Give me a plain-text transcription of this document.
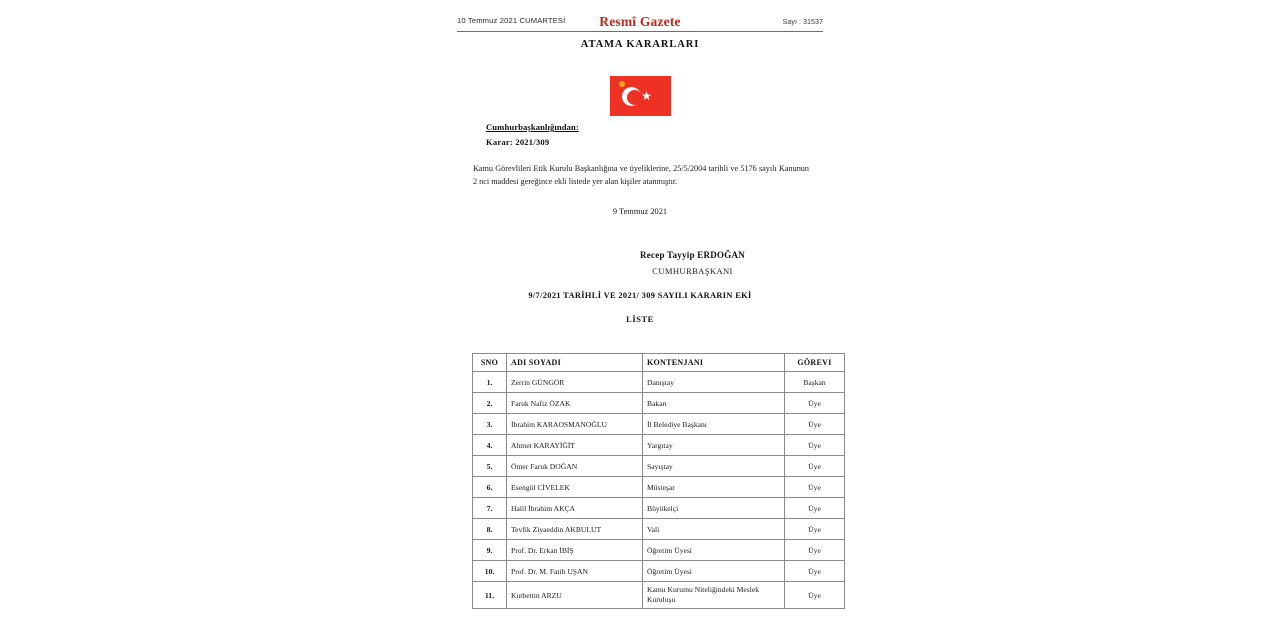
10 Temmuz 2021 CUMARTESİ	Resmî Gazete	Sayı : 31537
ATAMA KARARLARI
★
Cumhurbaşkanlığından:
Karar: 2021/309
Kamu Görevlileri Etik Kurulu Başkanlığına ve üyeliklerine, 25/5/2004 tarihli ve 5176 sayılı Kanunun 2 nci maddesi gereğince ekli listede yer alan kişiler atanmıştır.
9 Temmuz 2021
Recep Tayyip ERDOĞAN
CUMHURBAŞKANI
9/7/2021 TARİHLİ VE 2021/ 309 SAYILI KARARIN EKİ
LİSTE
SNO	ADI SOYADI	KONTENJANI	GÖREVI
1.	Zerrin GÜNGÖR	Danıştay	Başkan
2.	Faruk Nafiz ÖZAK	Bakan	Üye
3.	İbrahim KARAOSMANOĞLU	İl Belediye Başkanı	Üye
4.	Ahmet KARAYİĞİT	Yargıtay	Üye
5.	Ömer Faruk DOĞAN	Sayıştay	Üye
6.	Esengül CİVELEK	Müsteşar	Üye
7.	Halil İbrahim AKÇA	Büyükelçi	Üye
8.	Tevfik Ziyaeddin AKBULUT	Vali	Üye
9.	Prof. Dr. Erkan İBİŞ	Öğretim Üyesi	Üye
10.	Prof. Dr. M. Fatih UŞAN	Öğretim Üyesi	Üye
11.	Kutbettin ARZU	Kamu Kurumu Niteliğindeki Meslek Kuruluşu	Üye
